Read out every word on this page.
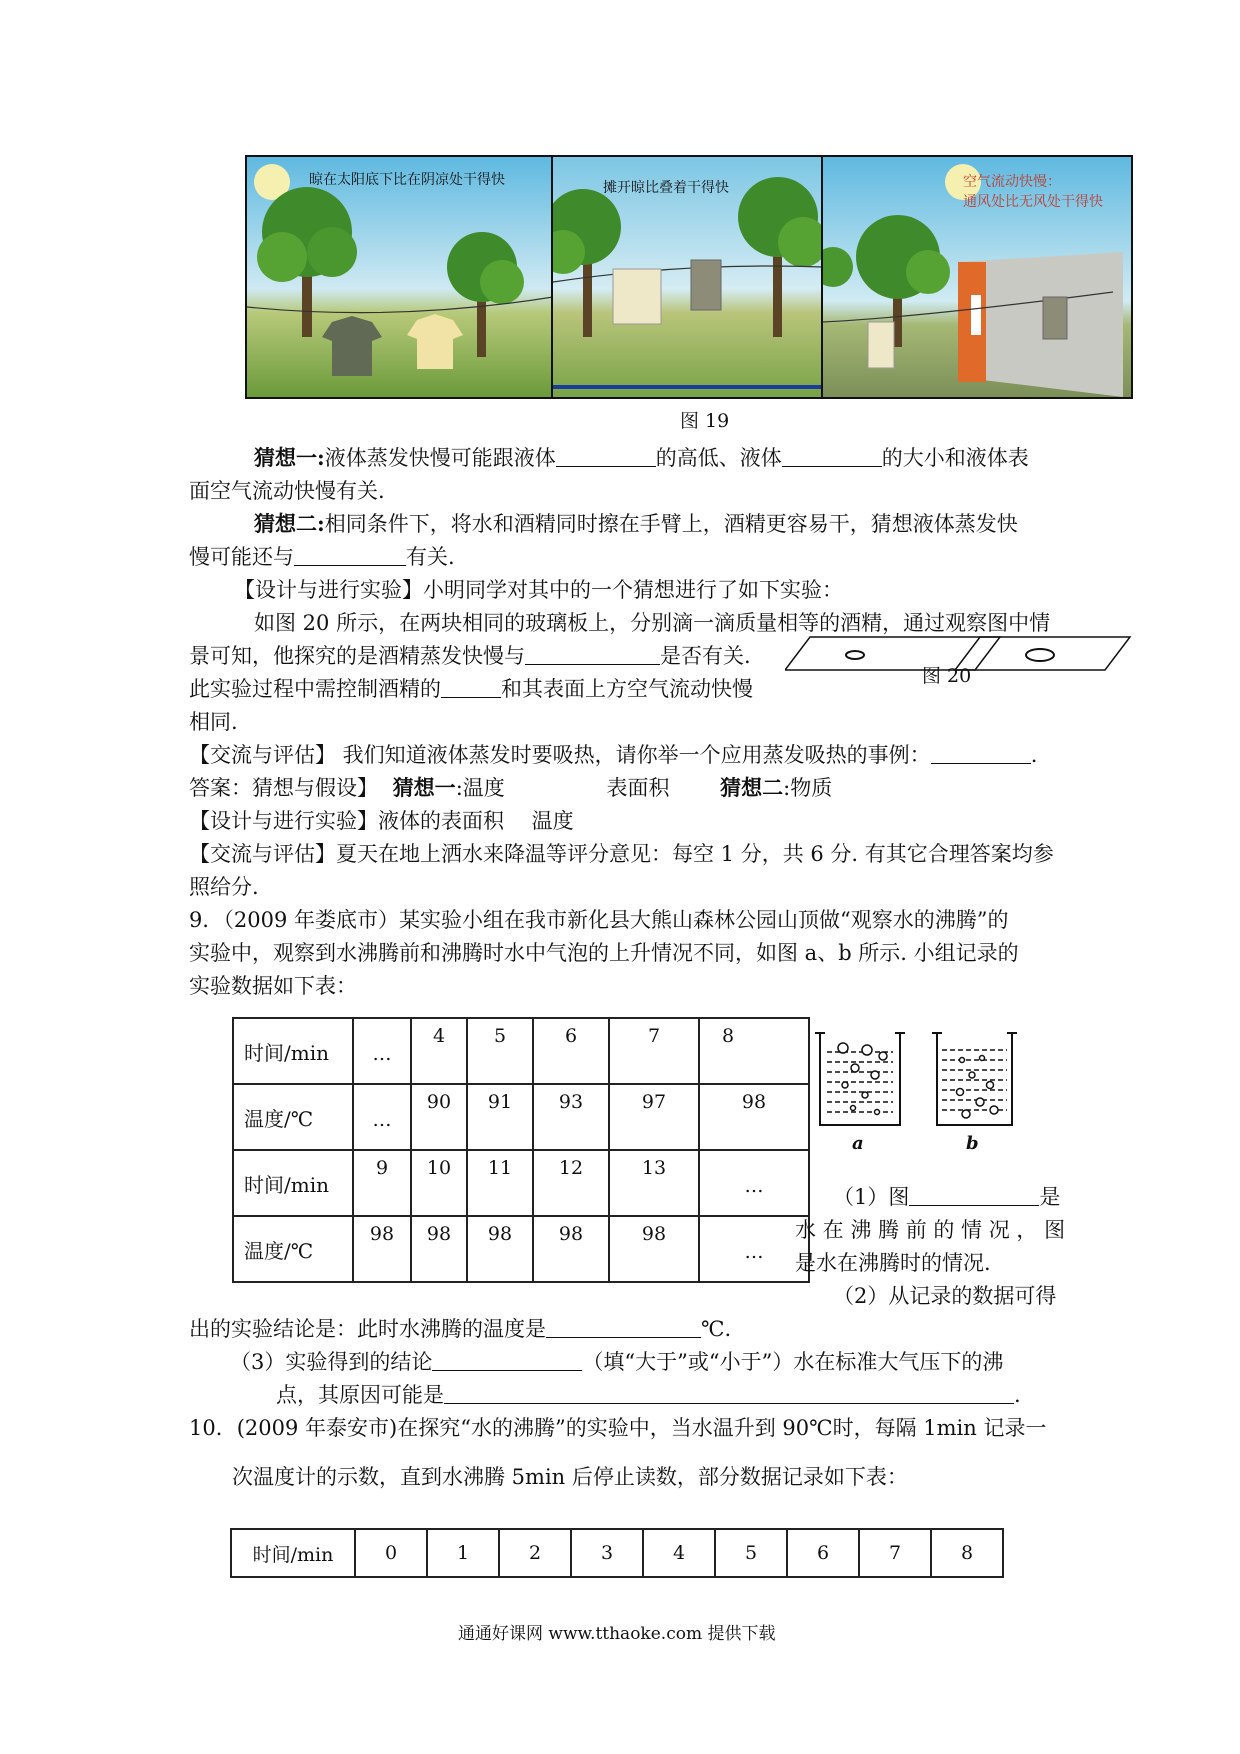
晾在太阳底下比在阴凉处干得快	摊开晾比叠着干得快	空气流动快慢：
通风处比无风处干得快
图 19
猜想一:液体蒸发快慢可能跟液体	的高低、液体	的大小和液体表
面空气流动快慢有关.
猜想二:相同条件下，将水和酒精同时擦在手臂上，酒精更容易干，猜想液体蒸发快
慢可能还与	有关.
【设计与进行实验】小明同学对其中的一个猜想进行了如下实验：
如图 20 所示，在两块相同的玻璃板上，分别滴一滴质量相等的酒精，通过观察图中情
景可知，他探究的是酒精蒸发快慢与	是否有关.
此实验过程中需控制酒精的	和其表面上方空气流动快慢
相同.
图 20
【交流与评估】 我们知道液体蒸发时要吸热，请你举一个应用蒸发吸热的事例：	.
答案：猜想与假设】 猜想一:温度	表面积 猜想二:物质
【设计与进行实验】液体的表面积　 温度
【交流与评估】夏天在地上洒水来降温等评分意见：每空 1 分，共 6 分. 有其它合理答案均参
照给分.
9．（2009 年娄底市）某实验小组在我市新化县大熊山森林公园山顶做“观察水的沸腾”的
实验中，观察到水沸腾前和沸腾时水中气泡的上升情况不同，如图 a、b 所示. 小组记录的
实验数据如下表：
时间/min	…	4	5	6	7	8
温度/℃	…	90	91	93	97	98
时间/min	9	10	11	12	13	…
温度/℃	98	98	98	98	98	…
a	b
（1）图	是
水 在 沸 腾 前 的 情 况 ， 图
是水在沸腾时的情况.
（2）从记录的数据可得
出的实验结论是：此时水沸腾的温度是	℃.
（3）实验得到的结论	（填“大于”或“小于”）水在标准大气压下的沸
点，其原因可能是	.
10．(2009 年泰安市)在探究“水的沸腾”的实验中，当水温升到 90℃时，每隔 1min 记录一
次温度计的示数，直到水沸腾 5min 后停止读数，部分数据记录如下表：
时间/min	0	1	2	3	4	5	6	7	8
通通好课网 www.tthaoke.com 提供下载
